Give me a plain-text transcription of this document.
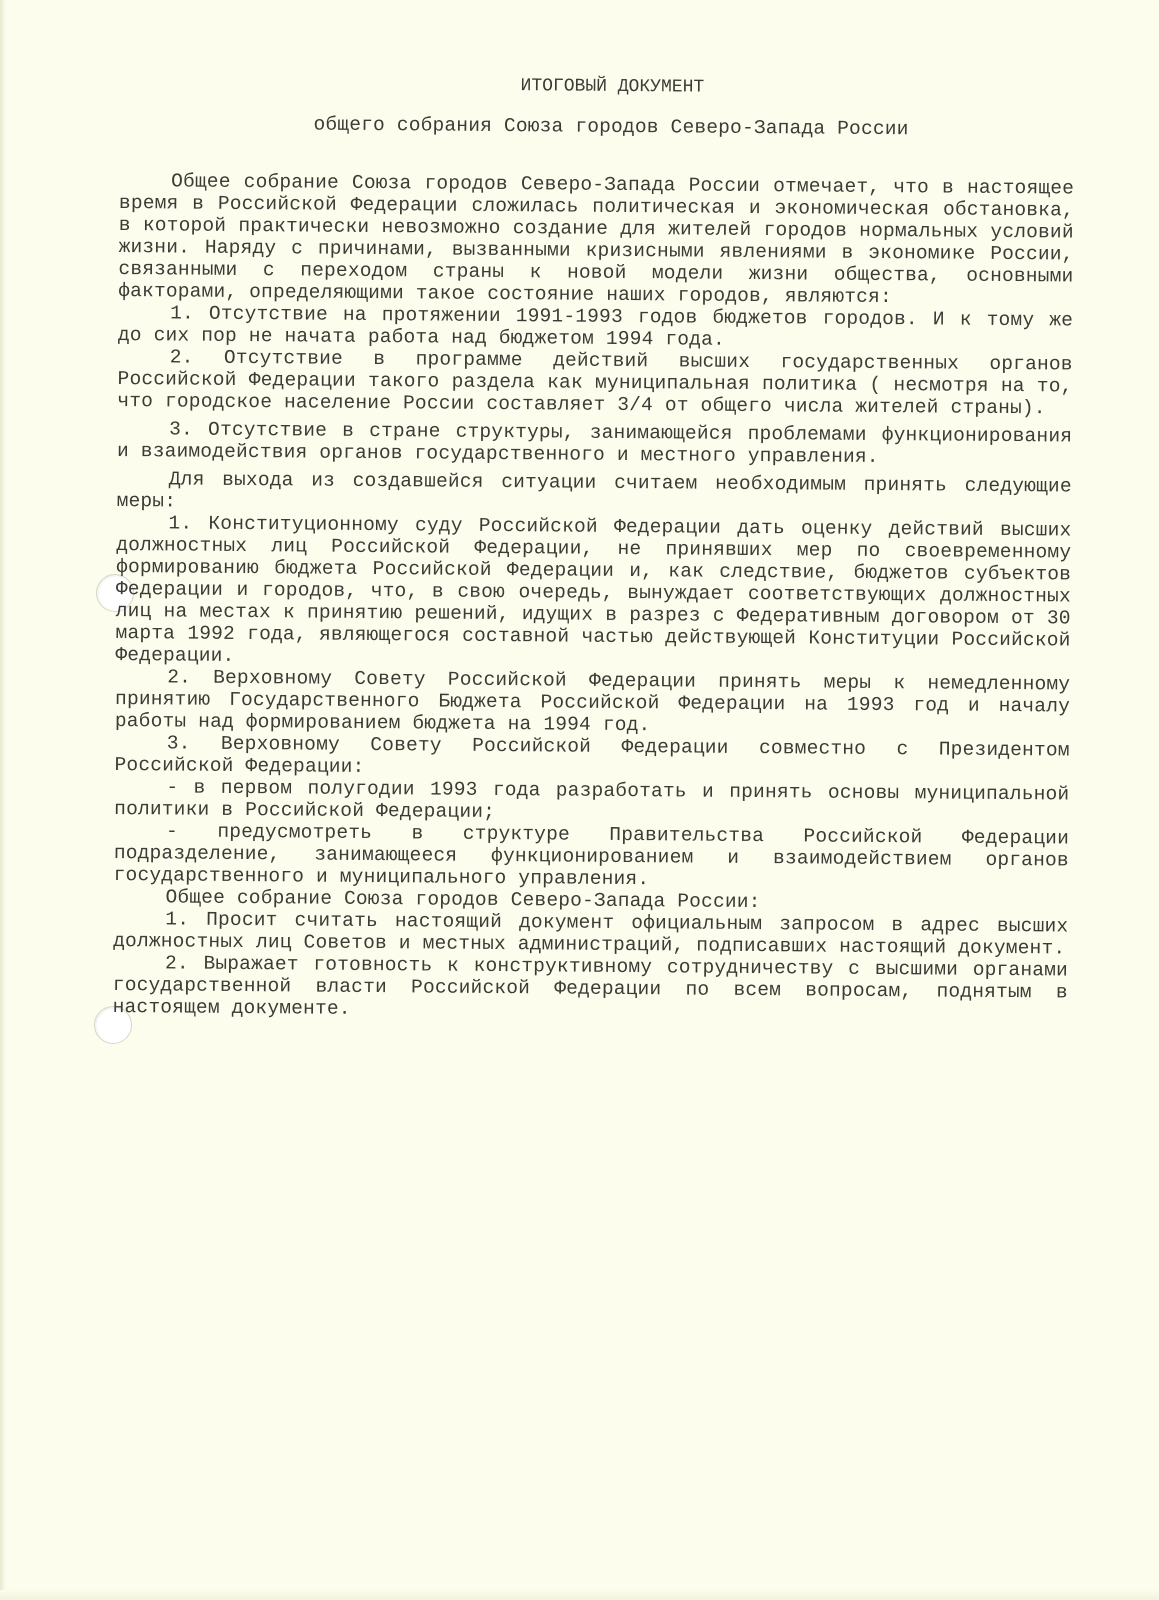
ИТОГОВЫЙ ДОКУМЕНТ

общего собрания Союза городов Северо-Запада России

Общее собрание Союза городов Северо-Запада России отмечает, что в настоящее время в Российской Федерации сложилась политическая и экономическая обстановка, в которой практически невозможно создание для жителей городов нормальных условий жизни. Наряду с причинами, вызванными кризисными явлениями в экономике России, связанными с переходом страны к новой модели жизни общества, основными факторами, определяющими такое состояние наших городов, являются:

1. Отсутствие на протяжении 1991-1993 годов бюджетов городов. И к тому же до сих пор не начата работа над бюджетом 1994 года.

2. Отсутствие в программе действий высших государственных органов Российской Федерации такого раздела как муниципальная политика ( несмотря на то, что городское население России составляет 3/4 от общего числа жителей страны).

3. Отсутствие в стране структуры, занимающейся проблемами функционирования и взаимодействия органов государственного и местного управления.

Для выхода из создавшейся ситуации считаем необходимым принять следующие меры:

1. Конституционному суду Российской Федерации дать оценку действий высших должностных лиц Российской Федерации, не принявших мер по своевременному формированию бюджета Российской Федерации и, как следствие, бюджетов субъектов Федерации и городов, что, в свою очередь, вынуждает соответствующих должностных лиц на местах к принятию решений, идущих в разрез с Федеративным договором от 30 марта 1992 года, являющегося составной частью действующей Конституции Российской Федерации.

2. Верховному Совету Российской Федерации принять меры к немедленному принятию Государственного Бюджета Российской Федерации на 1993 год и началу работы над формированием бюджета на 1994 год.

3. Верховному Совету Российской Федерации совместно с Президентом Российской Федерации:

- в первом полугодии 1993 года разработать и принять основы муниципальной политики в Российской Федерации;

- предусмотреть в структуре Правительства Российской Федерации подразделение, занимающееся функционированием и взаимодействием органов государственного и муниципального управления.

Общее собрание Союза городов Северо-Запада России:

1. Просит считать настоящий документ официальным запросом в адрес высших должностных лиц Советов и местных администраций, подписавших настоящий документ.

2. Выражает готовность к конструктивному сотрудничеству с высшими органами государственной власти Российской Федерации по всем вопросам, поднятым в настоящем документе.
